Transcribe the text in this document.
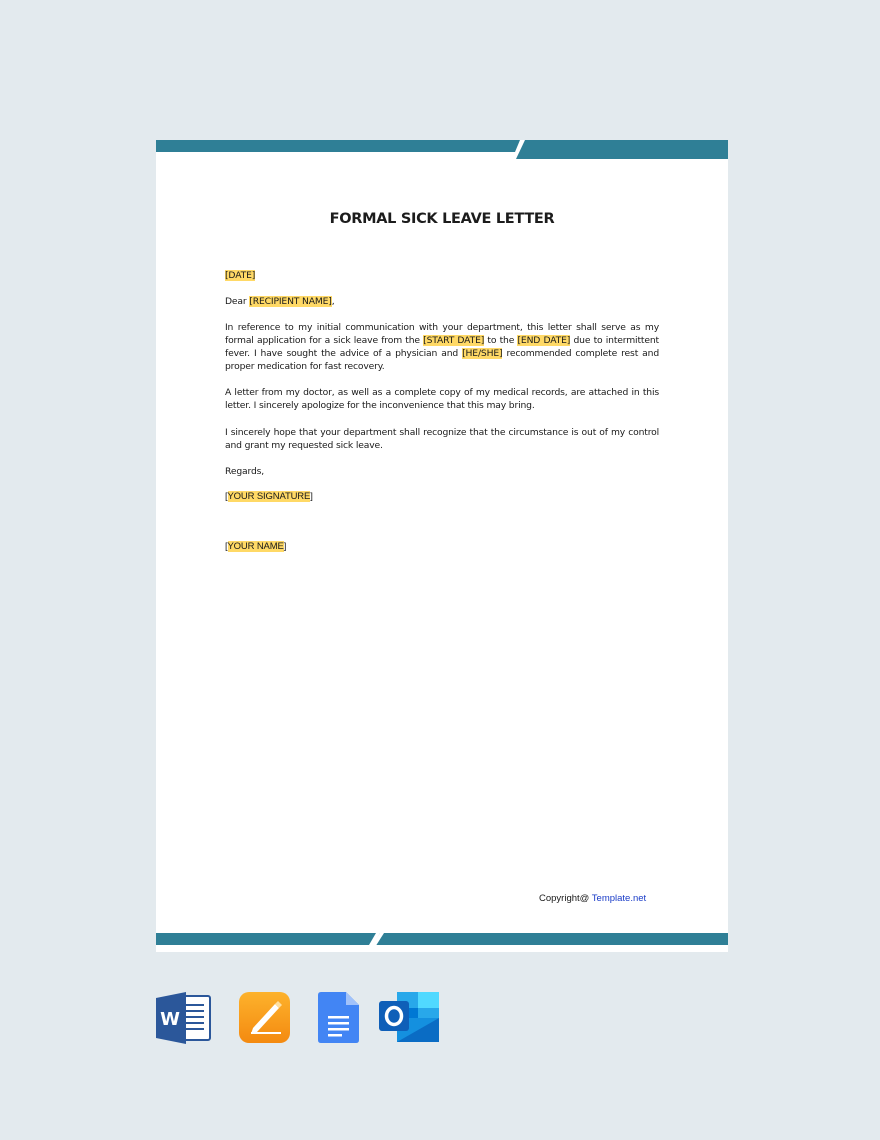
FORMAL SICK LEAVE LETTER
[DATE]
Dear [RECIPIENT NAME],
In reference to my initial communication with your department, this letter shall serve as my formal application for a sick leave from the [START DATE] to the [END DATE] due to intermittent fever. I have sought the advice of a physician and [HE/SHE] recommended complete rest and proper medication for fast recovery.
A letter from my doctor, as well as a complete copy of my medical records, are attached in this letter. I sincerely apologize for the inconvenience that this may bring.
I sincerely hope that your department shall recognize that the circumstance is out of my control and grant my requested sick leave.
Regards,
[YOUR SIGNATURE]
[YOUR NAME]
Copyright@ Template.net
W
